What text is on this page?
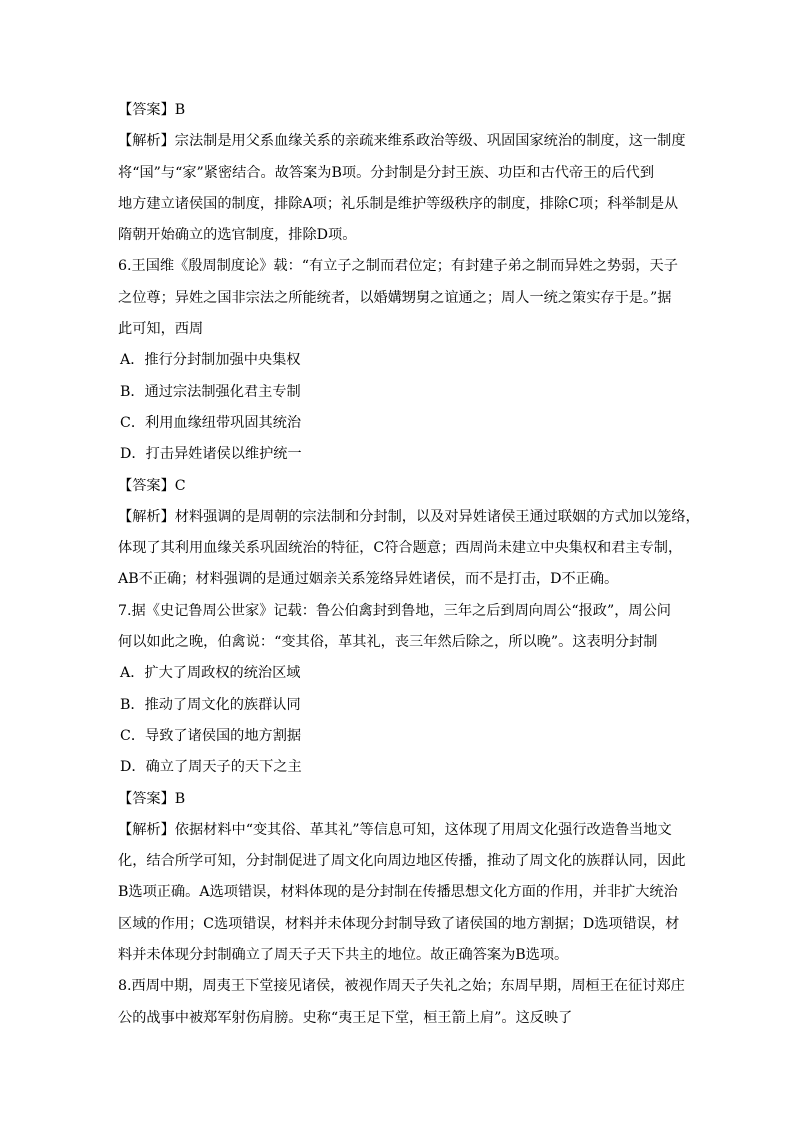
【答案】B
【解析】宗法制是用父系血缘关系的亲疏来维系政治等级、巩固国家统治的制度，这一制度
将“国”与“家”紧密结合。故答案为B项。分封制是分封王族、功臣和古代帝王的后代到
地方建立诸侯国的制度，排除A项；礼乐制是维护等级秩序的制度，排除C项；科举制是从
隋朝开始确立的选官制度，排除D项。
6.王国维《殷周制度论》载：“有立子之制而君位定；有封建子弟之制而异姓之势弱，天子
之位尊；异姓之国非宗法之所能统者，以婚媾甥舅之谊通之；周人一统之策实存于是。”据
此可知，西周
A．推行分封制加强中央集权
B．通过宗法制强化君主专制
C．利用血缘纽带巩固其统治
D．打击异姓诸侯以维护统一
【答案】C
【解析】材料强调的是周朝的宗法制和分封制，以及对异姓诸侯王通过联姻的方式加以笼络，
体现了其利用血缘关系巩固统治的特征，C符合题意；西周尚未建立中央集权和君主专制，
AB不正确；材料强调的是通过姻亲关系笼络异姓诸侯，而不是打击，D不正确。
7.据《史记鲁周公世家》记载：鲁公伯禽封到鲁地，三年之后到周向周公“报政”，周公问
何以如此之晚，伯禽说：“变其俗，革其礼，丧三年然后除之，所以晚”。这表明分封制
A．扩大了周政权的统治区域
B．推动了周文化的族群认同
C．导致了诸侯国的地方割据
D．确立了周天子的天下之主
【答案】B
【解析】依据材料中“变其俗、革其礼”等信息可知，这体现了用周文化强行改造鲁当地文
化，结合所学可知，分封制促进了周文化向周边地区传播，推动了周文化的族群认同，因此
B选项正确。A选项错误，材料体现的是分封制在传播思想文化方面的作用，并非扩大统治
区域的作用；C选项错误，材料并未体现分封制导致了诸侯国的地方割据；D选项错误，材
料并未体现分封制确立了周天子天下共主的地位。故正确答案为B选项。
8.西周中期，周夷王下堂接见诸侯，被视作周天子失礼之始；东周早期，周桓王在征讨郑庄
公的战事中被郑军射伤肩膀。史称“夷王足下堂，桓王箭上肩”。这反映了
